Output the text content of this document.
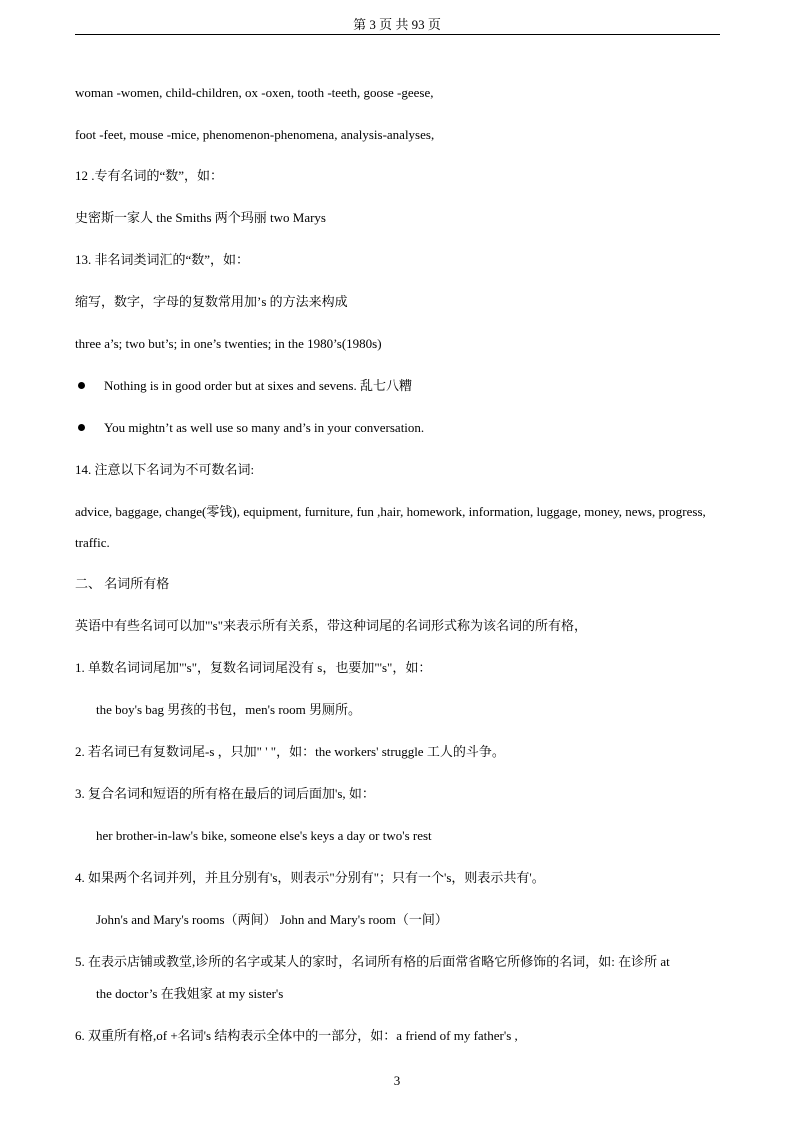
第 3 页 共 93 页
woman -women, child-children, ox -oxen, tooth -teeth, goose -geese,
foot -feet, mouse -mice, phenomenon-phenomena, analysis-analyses,
12 .专有名词的“数”，如：
史密斯一家人 the Smiths 两个玛丽 two Marys
13. 非名词类词汇的“数”，如：
缩写，数字，字母的复数常用加’s 的方法来构成
three a’s; two but’s; in one’s twenties; in the 1980’s(1980s)
Nothing is in good order but at sixes and sevens. 乱七八糟
You mightn’t as well use so many and’s in your conversation.
14. 注意以下名词为不可数名词:
advice, baggage, change(零钱), equipment, furniture, fun ,hair, homework, information, luggage, money, news, progress, traffic.
二、 名词所有格
英语中有些名词可以加"'s"来表示所有关系，带这种词尾的名词形式称为该名词的所有格，
1. 单数名词词尾加"'s"，复数名词词尾没有 s，也要加"'s"，如：
the boy's bag 男孩的书包，men's room 男厕所。
2. 若名词已有复数词尾-s ，只加" ' "，如：the workers' struggle 工人的斗争。
3. 复合名词和短语的所有格在最后的词后面加's, 如：
her brother-in-law's bike, someone else's keys a day or two's rest
4. 如果两个名词并列，并且分别有's，则表示"分别有"；只有一个's，则表示共有'。
John's and Mary's rooms（两间） John and Mary's room（一间）
5. 在表示店铺或教堂,诊所的名字或某人的家时，名词所有格的后面常省略它所修饰的名词，如: 在诊所 at
the doctor’s 在我姐家 at my sister's
6. 双重所有格,of +名词's 结构表示全体中的一部分，如：a friend of my father's ,
3
